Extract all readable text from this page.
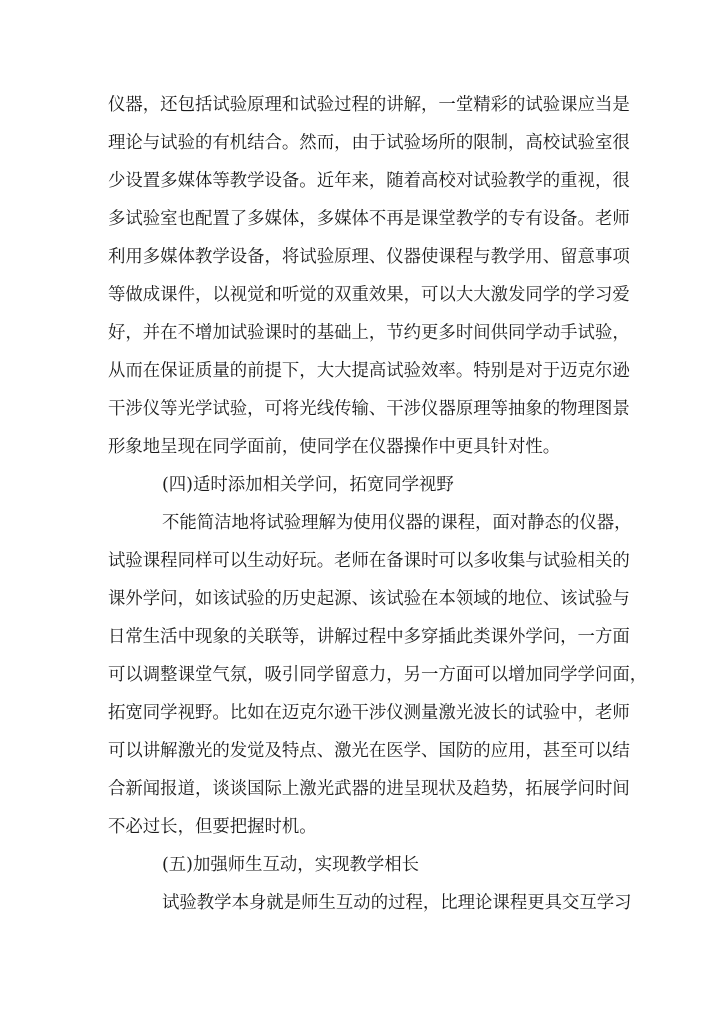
仪器，还包括试验原理和试验过程的讲解，一堂精彩的试验课应当是
理论与试验的有机结合。然而，由于试验场所的限制，高校试验室很
少设置多媒体等教学设备。近年来，随着高校对试验教学的重视，很
多试验室也配置了多媒体，多媒体不再是课堂教学的专有设备。老师
利用多媒体教学设备，将试验原理、仪器使课程与教学用、留意事项
等做成课件，以视觉和听觉的双重效果，可以大大激发同学的学习爱
好，并在不增加试验课时的基础上，节约更多时间供同学动手试验，
从而在保证质量的前提下，大大提高试验效率。特别是对于迈克尔逊
干涉仪等光学试验，可将光线传输、干涉仪器原理等抽象的物理图景
形象地呈现在同学面前，使同学在仪器操作中更具针对性。
(四)适时添加相关学问，拓宽同学视野
不能简洁地将试验理解为使用仪器的课程，面对静态的仪器，
试验课程同样可以生动好玩。老师在备课时可以多收集与试验相关的
课外学问，如该试验的历史起源、该试验在本领域的地位、该试验与
日常生活中现象的关联等，讲解过程中多穿插此类课外学问，一方面
可以调整课堂气氛，吸引同学留意力，另一方面可以增加同学学问面，
拓宽同学视野。比如在迈克尔逊干涉仪测量激光波长的试验中，老师
可以讲解激光的发觉及特点、激光在医学、国防的应用，甚至可以结
合新闻报道，谈谈国际上激光武器的进呈现状及趋势，拓展学问时间
不必过长，但要把握时机。
(五)加强师生互动，实现教学相长
试验教学本身就是师生互动的过程，比理论课程更具交互学习
